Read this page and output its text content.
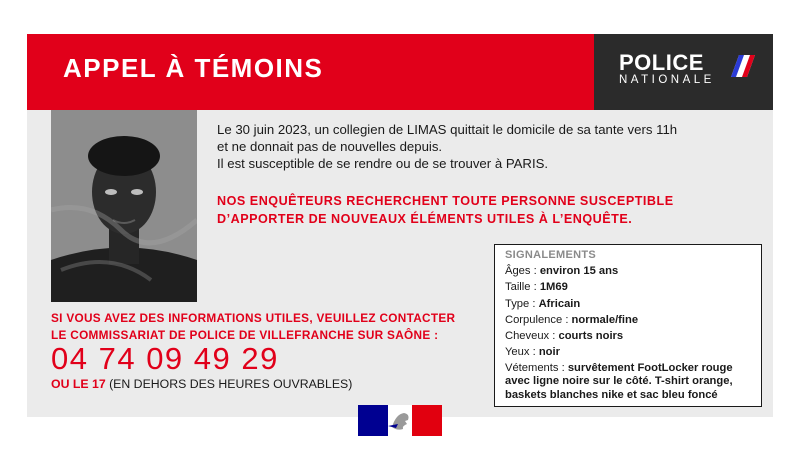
APPEL À TÉMOINS	POLICE
NATIONALE
Le 30 juin 2023, un collegien de LIMAS quittait le domicile de sa tante vers 11h
et ne donnait pas de nouvelles depuis.
Il est susceptible de se rendre ou de se trouver à PARIS.
NOS ENQUÊTEURS RECHERCHENT TOUTE PERSONNE SUSCEPTIBLE
D’APPORTER DE NOUVEAUX ÉLÉMENTS UTILES À L’ENQUÊTE.
SIGNALEMENTS
Âges : environ 15 ans
Taille : 1M69
Type : Africain
Corpulence : normale/fine
Cheveux : courts noirs
Yeux : noir
Vétements : survêtement FootLocker rouge
avec ligne noire sur le côté. T-shirt orange,
baskets blanches nike et sac bleu foncé
SI VOUS AVEZ DES INFORMATIONS UTILES, VEUILLEZ CONTACTER
LE COMMISSARIAT DE POLICE DE VILLEFRANCHE SUR SAÔNE :
04 74 09 49 29
OU LE 17 (EN DEHORS DES HEURES OUVRABLES)
